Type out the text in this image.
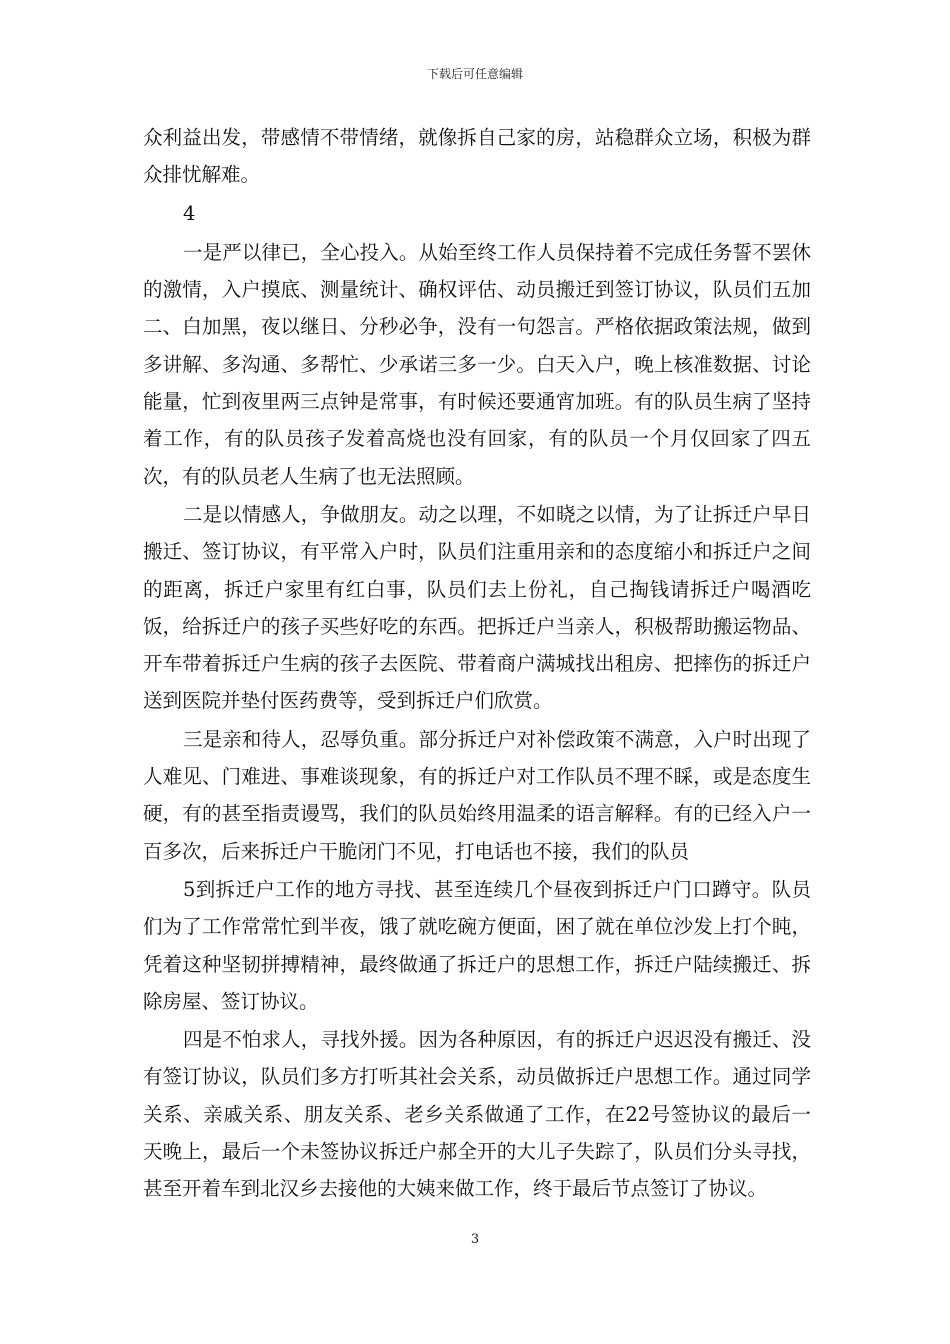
下载后可任意编辑

众利益出发，带感情不带情绪，就像拆自己家的房，站稳群众立场，积极为群众排忧解难。

4

一是严以律已，全心投入。从始至终工作人员保持着不完成任务誓不罢休的激情，入户摸底、测量统计、确权评估、动员搬迁到签订协议，队员们五加二、白加黑，夜以继日、分秒必争，没有一句怨言。严格依据政策法规，做到多讲解、多沟通、多帮忙、少承诺三多一少。白天入户，晚上核准数据、讨论能量，忙到夜里两三点钟是常事，有时候还要通宵加班。有的队员生病了坚持着工作，有的队员孩子发着高烧也没有回家，有的队员一个月仅回家了四五次，有的队员老人生病了也无法照顾。

二是以情感人，争做朋友。动之以理，不如晓之以情，为了让拆迁户早日搬迁、签订协议，有平常入户时，队员们注重用亲和的态度缩小和拆迁户之间的距离，拆迁户家里有红白事，队员们去上份礼，自己掏钱请拆迁户喝酒吃饭，给拆迁户的孩子买些好吃的东西。把拆迁户当亲人，积极帮助搬运物品、开车带着拆迁户生病的孩子去医院、带着商户满城找出租房、把摔伤的拆迁户送到医院并垫付医药费等，受到拆迁户们欣赏。

三是亲和待人，忍辱负重。部分拆迁户对补偿政策不满意，入户时出现了人难见、门难进、事难谈现象，有的拆迁户对工作队员不理不睬，或是态度生硬，有的甚至指责谩骂，我们的队员始终用温柔的语言解释。有的已经入户一百多次，后来拆迁户干脆闭门不见，打电话也不接，我们的队员

5到拆迁户工作的地方寻找、甚至连续几个昼夜到拆迁户门口蹲守。队员们为了工作常常忙到半夜，饿了就吃碗方便面，困了就在单位沙发上打个盹，凭着这种坚韧拼搏精神，最终做通了拆迁户的思想工作，拆迁户陆续搬迁、拆除房屋、签订协议。

四是不怕求人，寻找外援。因为各种原因，有的拆迁户迟迟没有搬迁、没有签订协议，队员们多方打听其社会关系，动员做拆迁户思想工作。通过同学关系、亲戚关系、朋友关系、老乡关系做通了工作，在22号签协议的最后一天晚上，最后一个未签协议拆迁户郝全开的大儿子失踪了，队员们分头寻找，甚至开着车到北汉乡去接他的大姨来做工作，终于最后节点签订了协议。

3
